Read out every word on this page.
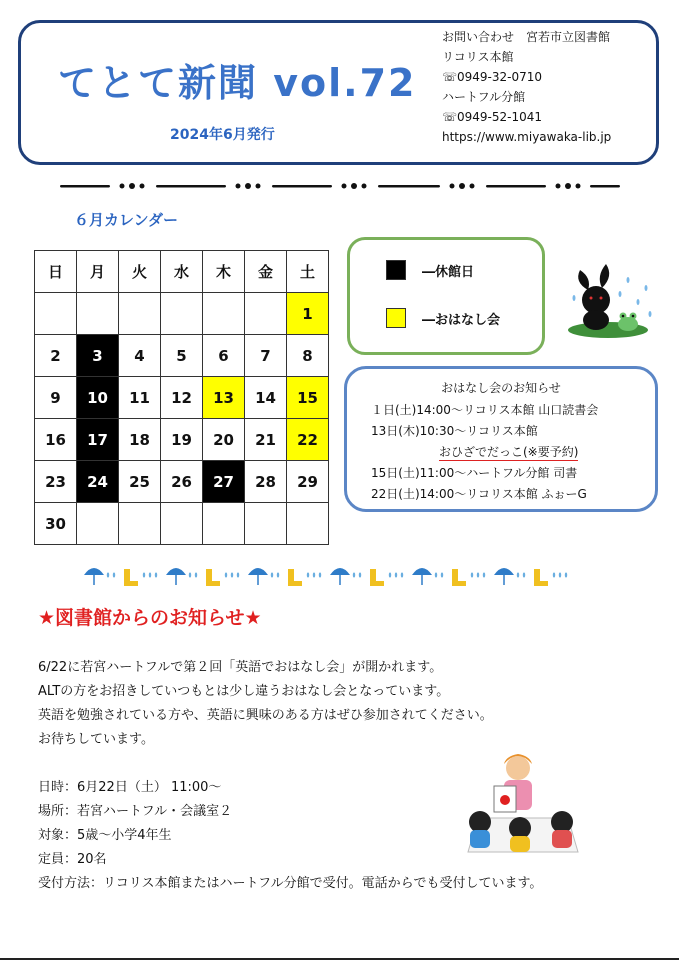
てとて新聞 vol.72
2024年6月発行
お問い合わせ　宮若市立図書館
リコリス本館
☏0949-32-0710
ハートフル分館
☏0949-52-1041
https://www.miyawaka-lib.jp
６月カレンダー
日	月	火	水	木	金	土
						1
2	3	4	5	6	7	8
9	10	11	12	13	14	15
16	17	18	19	20	21	22
23	24	25	26	27	28	29
30						
―休館日
―おはなし会
おはなし会のお知らせ
１日(土)14:00～リコリス本館 山口読書会
13日(木)10:30～リコリス本館
おひざでだっこ(※要予約)
15日(土)11:00～ハートフル分館 司書
22日(土)14:00～リコリス本館 ふぉーG
★図書館からのお知らせ★

6/22に若宮ハートフルで第２回「英語でおはなし会」が開かれます。

ALTの方をお招きしていつもとは少し違うおはなし会となっています。

英語を勉強されている方や、英語に興味のある方はぜひ参加されてください。

お待ちしています。

日時：6月22日（土） 11:00～

場所：若宮ハートフル・会議室２

対象：5歳～小学4年生

定員：20名

受付方法：リコリス本館またはハートフル分館で受付。電話からでも受付しています。
